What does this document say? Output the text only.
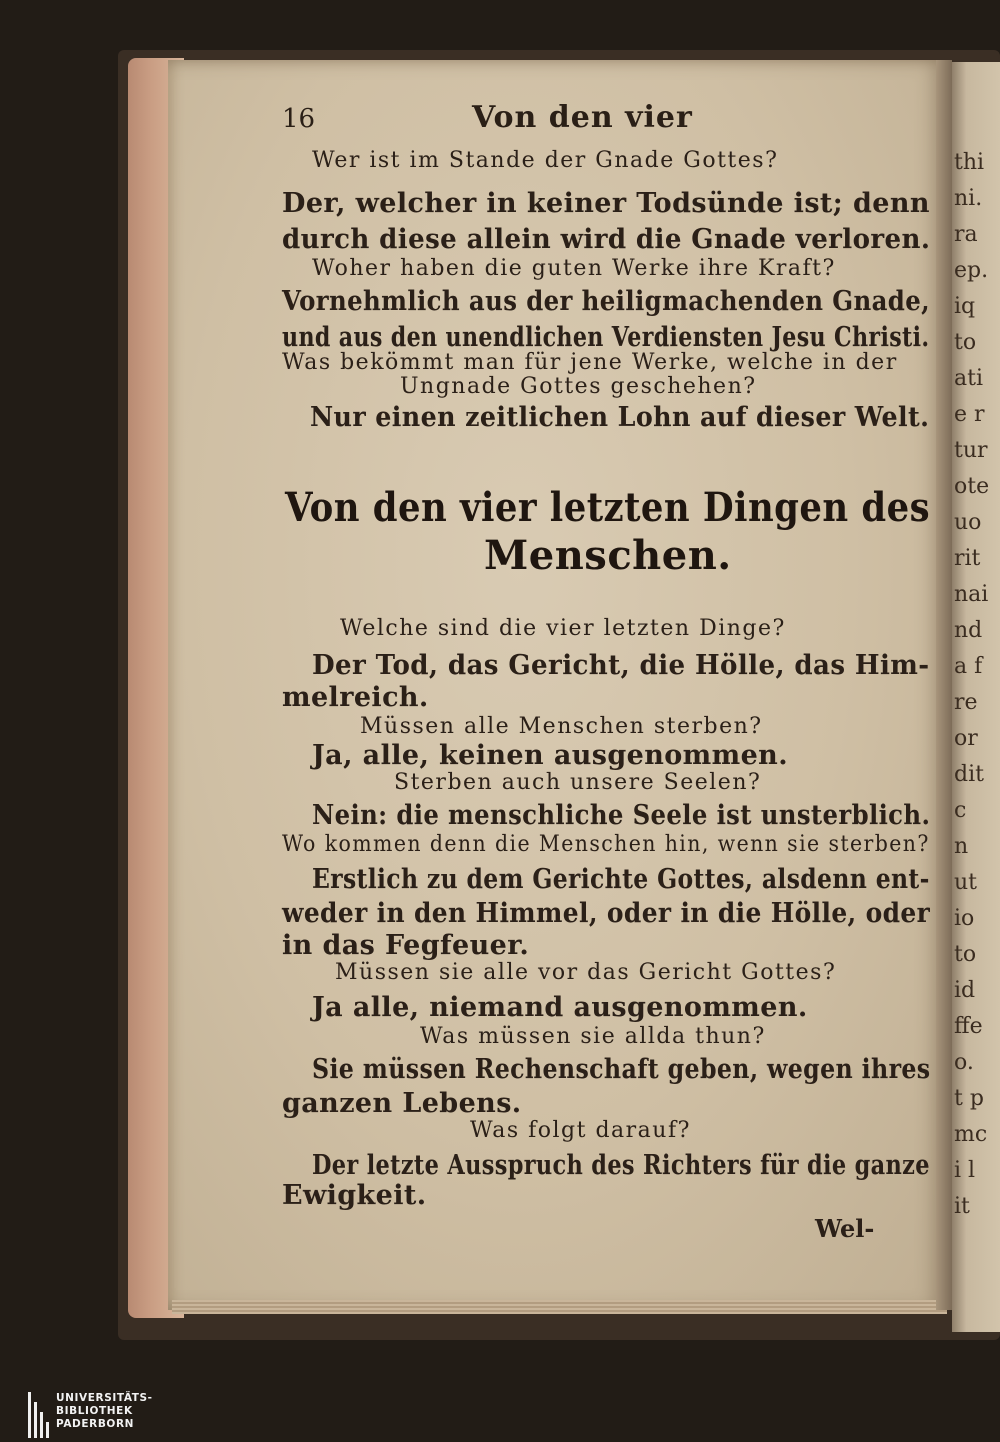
thi
ni.
ra
ep.
iq
to
ati
e r
tur
ote
uo
rit
nai
nd
a f
re
or
dit
c
n
ut
io
to
id
ffe
o.
t p
mc
i l
it
16	Von den vier
Wer ist im Stande der Gnade Gottes?
Der, welcher in keiner Todsünde ist; denn
durch diese allein wird die Gnade verloren.
Woher haben die guten Werke ihre Kraft?
Vornehmlich aus der heiligmachenden Gnade,
und aus den unendlichen Verdiensten Jesu Christi.
Was bekömmt man für jene Werke, welche in der
Ungnade Gottes geschehen?
Nur einen zeitlichen Lohn auf dieser Welt.
Welche sind die vier letzten Dinge?
Der Tod, das Gericht, die Hölle, das Him-
melreich.
Müssen alle Menschen sterben?
Ja, alle, keinen ausgenommen.
Sterben auch unsere Seelen?
Nein: die menschliche Seele ist unsterblich.
Wo kommen denn die Menschen hin, wenn sie sterben?
Erstlich zu dem Gerichte Gottes, alsdenn ent-
weder in den Himmel, oder in die Hölle, oder
in das Fegfeuer.
Müssen sie alle vor das Gericht Gottes?
Ja alle, niemand ausgenommen.
Was müssen sie allda thun?
Sie müssen Rechenschaft geben, wegen ihres
ganzen Lebens.
Was folgt darauf?
Der letzte Ausspruch des Richters für die ganze
Ewigkeit.
Von den vier letzten Dingen des
Menschen.
Wel-
UNIVERSITÄTS-
BIBLIOTHEK
PADERBORN
